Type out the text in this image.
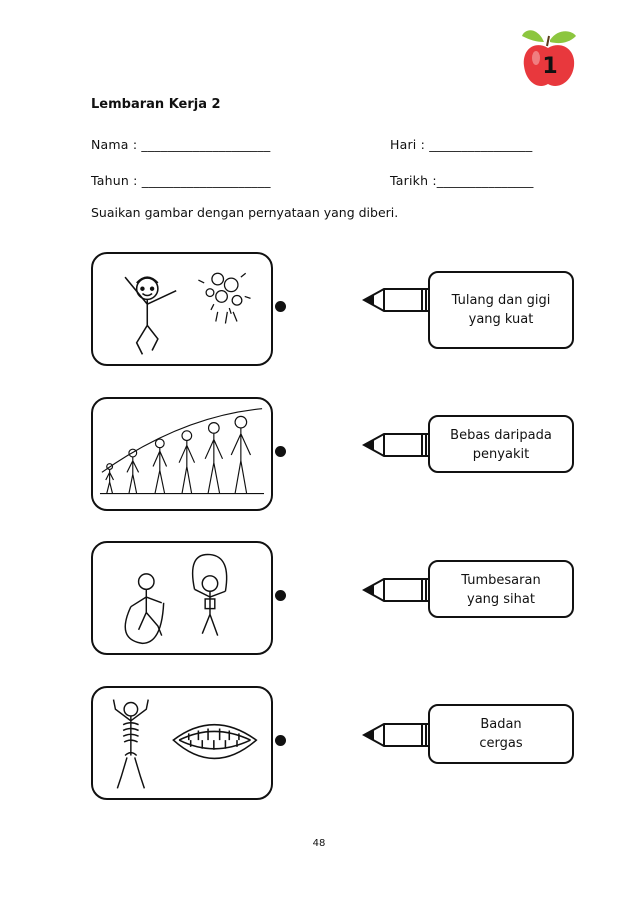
1
Lembaran Kerja 2
Nama : ____________________	Hari : ________________
Tahun : ____________________	Tarikh :_______________
Suaikan gambar dengan pernyataan yang diberi.
Tulang dan gigi
yang kuat
Bebas daripada
penyakit
Tumbesaran
yang sihat
Badan
cergas
48
